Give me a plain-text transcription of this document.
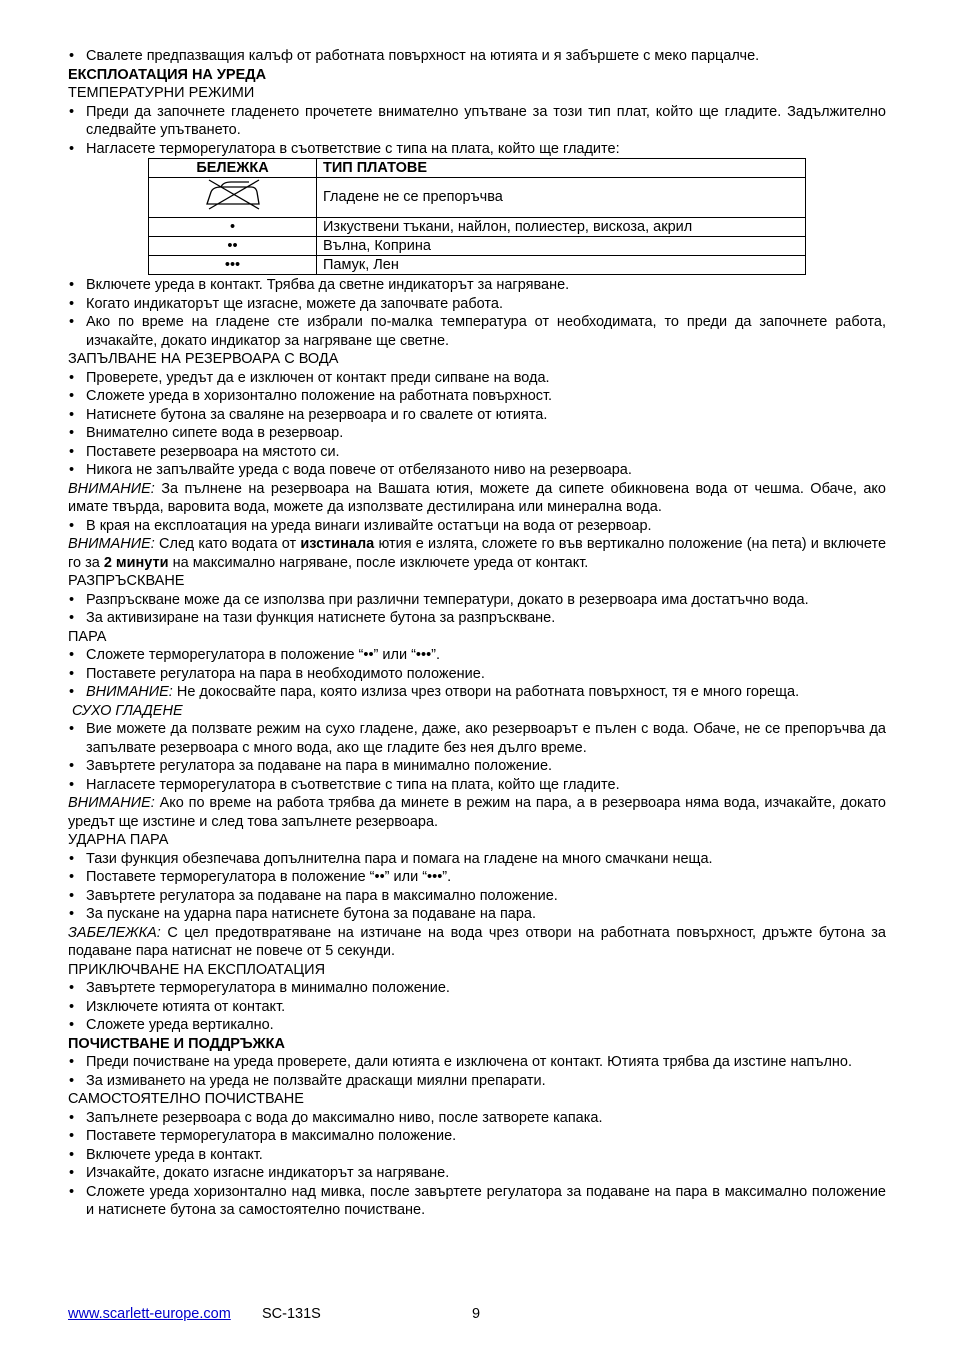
• Свалете предпазващия калъф от работната повърхност на ютията и я забършете с меко парцалче.
ЕКСПЛОАТАЦИЯ НА УРЕДА
ТЕМПЕРАТУРНИ РЕЖИМИ
• Преди да започнете гладенето прочетете внимателно упътване за този тип плат, който ще гладите. Задължително следвайте упътването.
• Нагласете терморегулатора в съответствие с типа на плата, който ще гладите:
БЕЛЕЖКА	ТИП ПЛАТОВЕ
	Гладене не се препоръчва
•	Изкуствени тъкани, найлон, полиестер, вискоза, акрил
••	Вълна, Коприна
•••	Памук, Лен
• Включете уреда в контакт. Трябва да светне индикаторът за нагряване.
• Когато индикаторът ще изгасне, можете да започвате работа.
• Ако по време на гладене сте избрали по-малка температура от необходимата, то преди да започнете работа, изчакайте, докато индикатор за нагряване ще светне.
ЗАПЪЛВАНЕ НА РЕЗЕРВОАРА С ВОДА
• Проверете, уредът да е изключен от контакт преди сипване на вода.
• Сложете уреда в хоризонтално положение на работната повърхност.
• Натиснете бутона за сваляне на резервоара и го свалете от ютията.
• Внимателно сипете вода в резервоар.
• Поставете резервоара на мястото си.
• Никога не запълвайте уреда с вода повече от отбелязаното ниво на резервоара.
ВНИМАНИЕ: За пълнене на резервоара на Вашата ютия, можете да сипете обикновена вода от чешма. Обаче, ако имате твърда, варовита вода, можете да използвате дестилирана или минерална вода.
• В края на експлоатация на уреда винаги изливайте остатъци на вода от резервоар.
ВНИМАНИЕ: След като водата от изстинала ютия е излята, сложете го във вертикално положение (на пета) и включете го за 2 минути на максимално нагряване, после изключете уреда от контакт.
РАЗПРЪСКВАНЕ
• Разпръскване може да се използва при различни температури, докато в резервоара има достатъчно вода.
• За активизиране на тази функция натиснете бутона за разпръскване.
ПАРА
• Сложете терморегулатора в положение “••” или “•••”.
• Поставете регулатора на пара в необходимото положение.
• ВНИМАНИЕ: Не докосвайте пара, която излиза чрез отвори на работната повърхност, тя е много гореща.
СУХО ГЛАДЕНЕ
• Вие можете да ползвате режим на сухо гладене, даже, ако резервоарът е пълен с вода. Обаче, не се препоръчва да запълвате резервоара с много вода, ако ще гладите без нея дълго време.
• Завъртете регулатора за подаване на пара в минимално положение.
• Нагласете терморегулатора в съответствие с типа на плата, който ще гладите.
ВНИМАНИЕ: Ако по време на работа трябва да минете в режим на пара, а в резервоара няма вода, изчакайте, докато уредът ще изстине и след това запълнете резервоара.
УДАРНА ПАРА
• Тази функция обезпечава допълнителна пара и помага на гладене на много смачкани неща.
• Поставете терморегулатора в положение “••” или “•••”.
• Завъртете регулатора за подаване на пара в максимално положение.
• За пускане на ударна пара натиснете бутона за подаване на пара.
ЗАБЕЛЕЖКА: С цел предотвратяване на изтичане на вода чрез отвори на работната повърхност, дръжте бутона за подаване пара натиснат не повече от 5 секунди.
ПРИКЛЮЧВАНЕ НА ЕКСПЛОАТАЦИЯ
• Завъртете терморегулатора в минимално положение.
• Изключете ютията от контакт.
• Сложете уреда вертикално.
ПОЧИСТВАНЕ И ПОДДРЪЖКА
• Преди почистване на уреда проверете, дали ютията е изключена от контакт. Ютията трябва да изстине напълно.
• За измиването на уреда не ползвайте драскащи миялни препарати.
САМОСТОЯТЕЛНО ПОЧИСТВАНЕ
• Запълнете резервоара с вода до максимално ниво, после затворете капака.
• Поставете терморегулатора в максимално положение.
• Включете уреда в контакт.
• Изчакайте, докато изгасне индикаторът за нагряване.
• Сложете уреда хоризонтално над мивка, после завъртете регулатора за подаване на пара в максимално положение и натиснете бутона за самостоятелно почистване.
www.scarlett-europe.com SC-131S	9
